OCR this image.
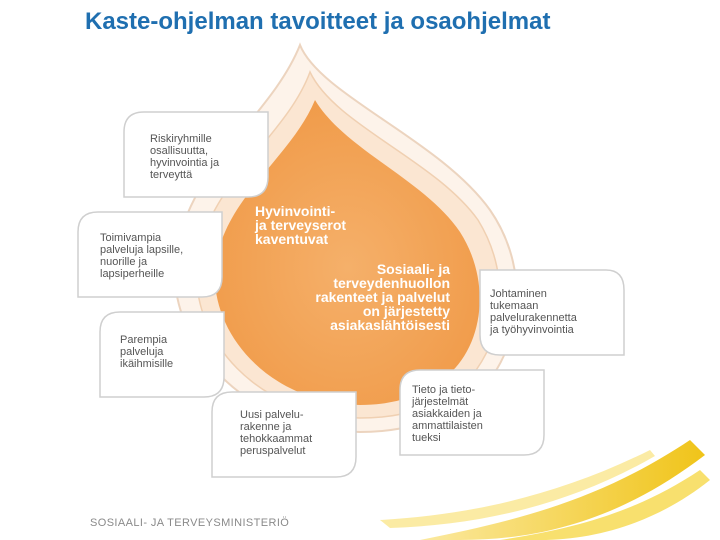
Kaste-ohjelman tavoitteet ja osaohjelmat
Hyvinvointi-
ja terveyserot
kaventuvat
Sosiaali- ja
terveydenhuollon
rakenteet ja palvelut
on järjestetty
asiakaslähtöisesti
Riskiryhmille
osallisuutta,
hyvinvointia ja
terveyttä
Toimivampia
palveluja lapsille,
nuorille ja
lapsiperheille
Johtaminen
tukemaan
palvelurakennetta
ja työhyvinvointia
Parempia
palveluja
ikäihmisille
Tieto ja tieto-
järjestelmät
asiakkaiden ja
ammattilaisten
tueksi
Uusi palvelu-
rakenne ja
tehokkaammat
peruspalvelut
SOSIAALI- JA TERVEYSMINISTERIÖ
